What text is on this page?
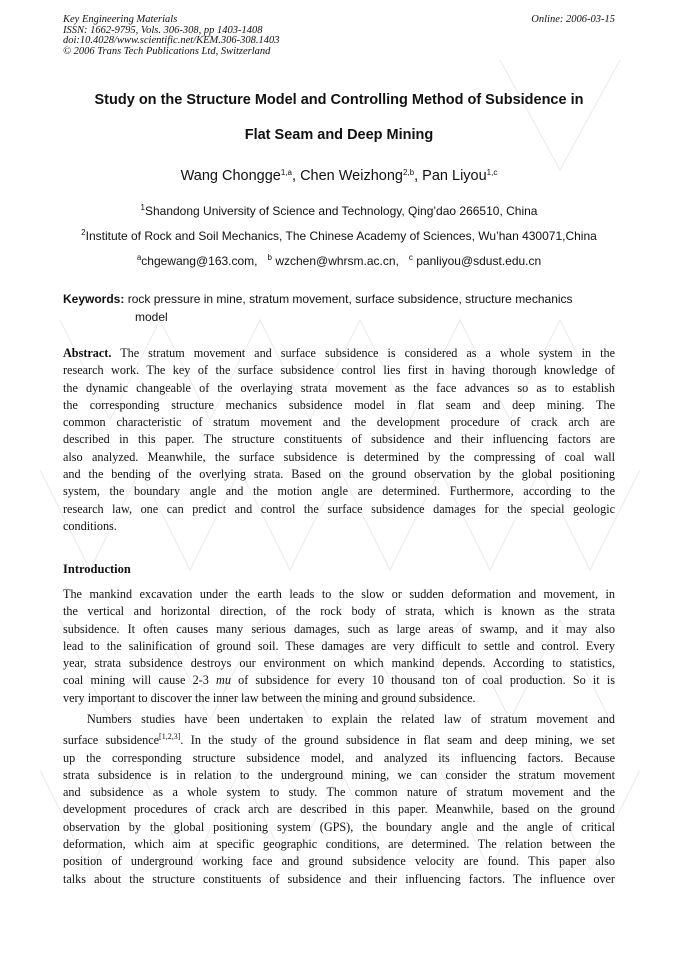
Key Engineering Materials
ISSN: 1662-9795, Vols. 306-308, pp 1403-1408
doi:10.4028/www.scientific.net/KEM.306-308.1403
© 2006 Trans Tech Publications Ltd, Switzerland
Online: 2006-03-15
Study on the Structure Model and Controlling Method of Subsidence in
Flat Seam and Deep Mining
Wang Chongge$^{1,a}$, Chen Weizhong$^{2,b}$, Pan Liyou$^{1,c}$
$^1$Shandong University of Science and Technology, Qing’dao 266510, China
$^2$Institute of Rock and Soil Mechanics, The Chinese Academy of Sciences, Wu’han 430071,China
$^a$chgewang@163.com, $^b$ wzchen@whrsm.ac.cn, $^c$ panliyou@sdust.edu.cn
Keywords: rock pressure in mine, stratum movement, surface subsidence, structure mechanics
model
Abstract. The stratum movement and surface subsidence is considered as a whole system in the
research work. The key of the surface subsidence control lies first in having thorough knowledge of
the dynamic changeable of the overlaying strata movement as the face advances so as to establish
the corresponding structure mechanics subsidence model in flat seam and deep mining. The
common characteristic of stratum movement and the development procedure of crack arch are
described in this paper. The structure constituents of subsidence and their influencing factors are
also analyzed. Meanwhile, the surface subsidence is determined by the compressing of coal wall
and the bending of the overlying strata. Based on the ground observation by the global positioning
system, the boundary angle and the motion angle are determined. Furthermore, according to the
research law, one can predict and control the surface subsidence damages for the special geologic
conditions.
Introduction
The mankind excavation under the earth leads to the slow or sudden deformation and movement, in
the vertical and horizontal direction, of the rock body of strata, which is known as the strata
subsidence. It often causes many serious damages, such as large areas of swamp, and it may also
lead to the salinification of ground soil. These damages are very difficult to settle and control. Every
year, strata subsidence destroys our environment on which mankind depends. According to statistics,
coal mining will cause 2-3 mu of subsidence for every 10 thousand ton of coal production. So it is
very important to discover the inner law between the mining and ground subsidence.
Numbers studies have been undertaken to explain the related law of stratum movement and
surface subsidence[1,2,3]. In the study of the ground subsidence in flat seam and deep mining, we set
up the corresponding structure subsidence model, and analyzed its influencing factors. Because
strata subsidence is in relation to the underground mining, we can consider the stratum movement
and subsidence as a whole system to study. The common nature of stratum movement and the
development procedures of crack arch are described in this paper. Meanwhile, based on the ground
observation by the global positioning system (GPS), the boundary angle and the angle of critical
deformation, which aim at specific geographic conditions, are determined. The relation between the
position of underground working face and ground subsidence velocity are found. This paper also
talks about the structure constituents of subsidence and their influencing factors. The influence over
